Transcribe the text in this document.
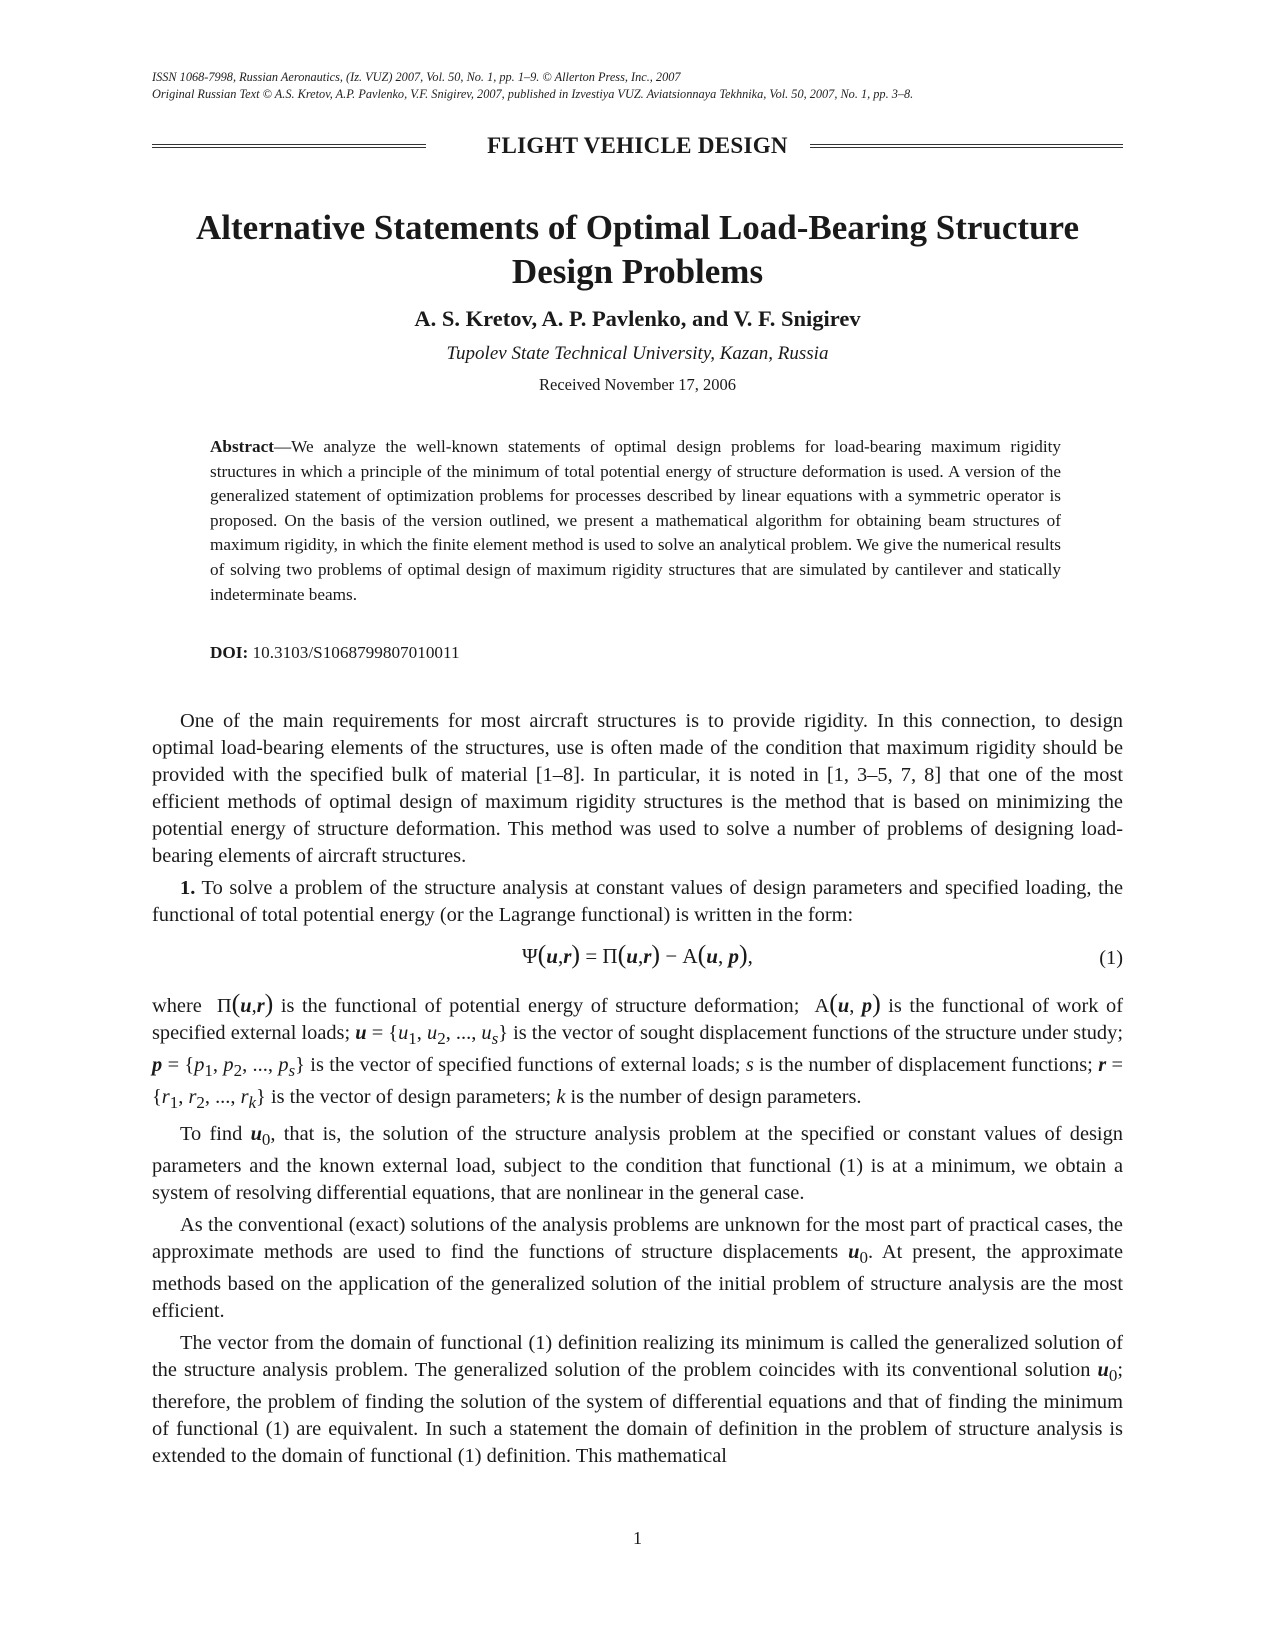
ISSN 1068-7998, Russian Aeronautics, (Iz. VUZ) 2007, Vol. 50, No. 1, pp. 1–9. © Allerton Press, Inc., 2007
Original Russian Text © A.S. Kretov, A.P. Pavlenko, V.F. Snigirev, 2007, published in Izvestiya VUZ. Aviatsionnaya Tekhnika, Vol. 50, 2007, No. 1, pp. 3–8.
FLIGHT VEHICLE DESIGN
Alternative Statements of Optimal Load-Bearing Structure
Design Problems
A. S. Kretov, A. P. Pavlenko, and V. F. Snigirev
Tupolev State Technical University, Kazan, Russia
Received November 17, 2006
Abstract—We analyze the well-known statements of optimal design problems for load-bearing maximum rigidity structures in which a principle of the minimum of total potential energy of structure deformation is used. A version of the generalized statement of optimization problems for processes described by linear equations with a symmetric operator is proposed. On the basis of the version outlined, we present a mathematical algorithm for obtaining beam structures of maximum rigidity, in which the finite element method is used to solve an analytical problem. We give the numerical results of solving two problems of optimal design of maximum rigidity structures that are simulated by cantilever and statically indeterminate beams.
DOI: 10.3103/S1068799807010011

One of the main requirements for most aircraft structures is to provide rigidity. In this connection, to design optimal load-bearing elements of the structures, use is often made of the condition that maximum rigidity should be provided with the specified bulk of material [1–8]. In particular, it is noted in [1, 3–5, 7, 8] that one of the most efficient methods of optimal design of maximum rigidity structures is the method that is based on minimizing the potential energy of structure deformation. This method was used to solve a number of problems of designing load-bearing elements of aircraft structures.

1. To solve a problem of the structure analysis at constant values of design parameters and specified loading, the functional of total potential energy (or the Lagrange functional) is written in the form:

Ψ(u,r) = Π(u,r) − A(u, p),	(1)

where  Π(u,r) is the functional of potential energy of structure deformation;  A(u, p) is the functional of work of specified external loads; $u = \{u_1$, $u_2$, ..., $u_s$} is the vector of sought displacement functions of the structure under study; $p = \{p_1$, $p_2$, ..., $p_s$} is the vector of specified functions of external loads; s is the number of displacement functions; $r = \{r_1$, $r_2$, ..., $r_k$} is the vector of design parameters; k is the number of design parameters.

To find $u_0$, that is, the solution of the structure analysis problem at the specified or constant values of design parameters and the known external load, subject to the condition that functional (1) is at a minimum, we obtain a system of resolving differential equations, that are nonlinear in the general case.

As the conventional (exact) solutions of the analysis problems are unknown for the most part of practical cases, the approximate methods are used to find the functions of structure displacements $u_0$. At present, the approximate methods based on the application of the generalized solution of the initial problem of structure analysis are the most efficient.

The vector from the domain of functional (1) definition realizing its minimum is called the generalized solution of the structure analysis problem. The generalized solution of the problem coincides with its conventional solution $u_0$; therefore, the problem of finding the solution of the system of differential equations and that of finding the minimum of functional (1) are equivalent. In such a statement the domain of definition in the problem of structure analysis is extended to the domain of functional (1) definition. This mathematical

1
